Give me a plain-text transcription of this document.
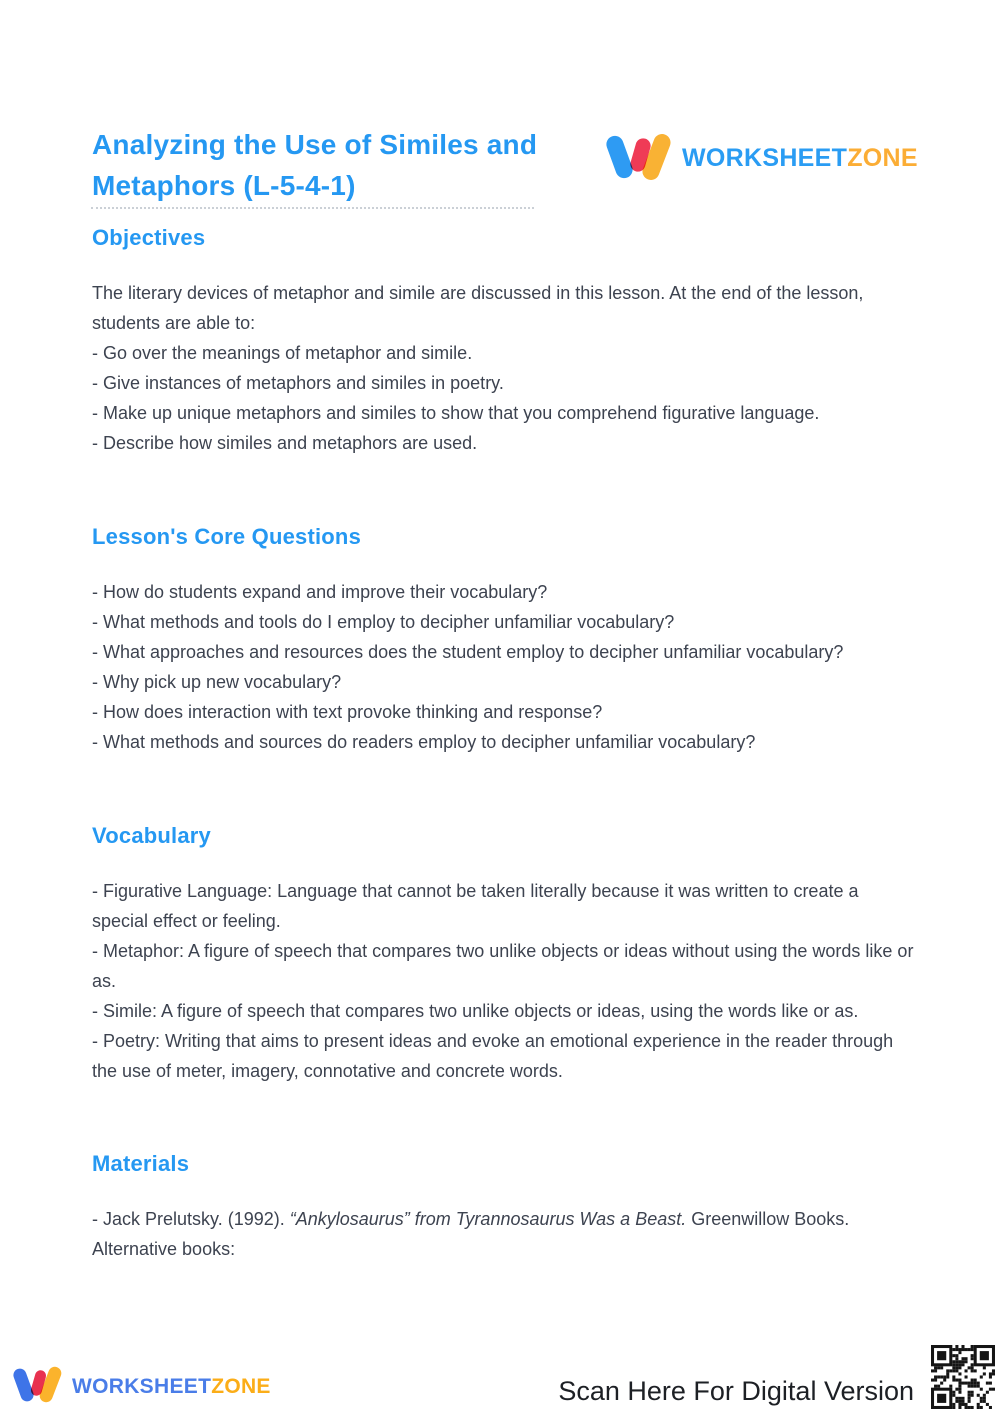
Analyzing the Use of Similes and Metaphors (L-5-4-1)
WORKSHEETZONE
Objectives
The literary devices of metaphor and simile are discussed in this lesson. At the end of the lesson, students are able to:
- Go over the meanings of metaphor and simile.
- Give instances of metaphors and similes in poetry.
- Make up unique metaphors and similes to show that you comprehend figurative language.
- Describe how similes and metaphors are used.
Lesson's Core Questions
- How do students expand and improve their vocabulary?
- What methods and tools do I employ to decipher unfamiliar vocabulary?
- What approaches and resources does the student employ to decipher unfamiliar vocabulary?
- Why pick up new vocabulary?
- How does interaction with text provoke thinking and response?
- What methods and sources do readers employ to decipher unfamiliar vocabulary?
Vocabulary
- Figurative Language: Language that cannot be taken literally because it was written to create a special effect or feeling.
- Metaphor: A figure of speech that compares two unlike objects or ideas without using the words like or as.
- Simile: A figure of speech that compares two unlike objects or ideas, using the words like or as.
- Poetry: Writing that aims to present ideas and evoke an emotional experience in the reader through the use of meter, imagery, connotative and concrete words.
Materials
- Jack Prelutsky. (1992). “Ankylosaurus” from Tyrannosaurus Was a Beast. Greenwillow Books.
Alternative books:
WORKSHEETZONE	Scan Here For Digital Version
